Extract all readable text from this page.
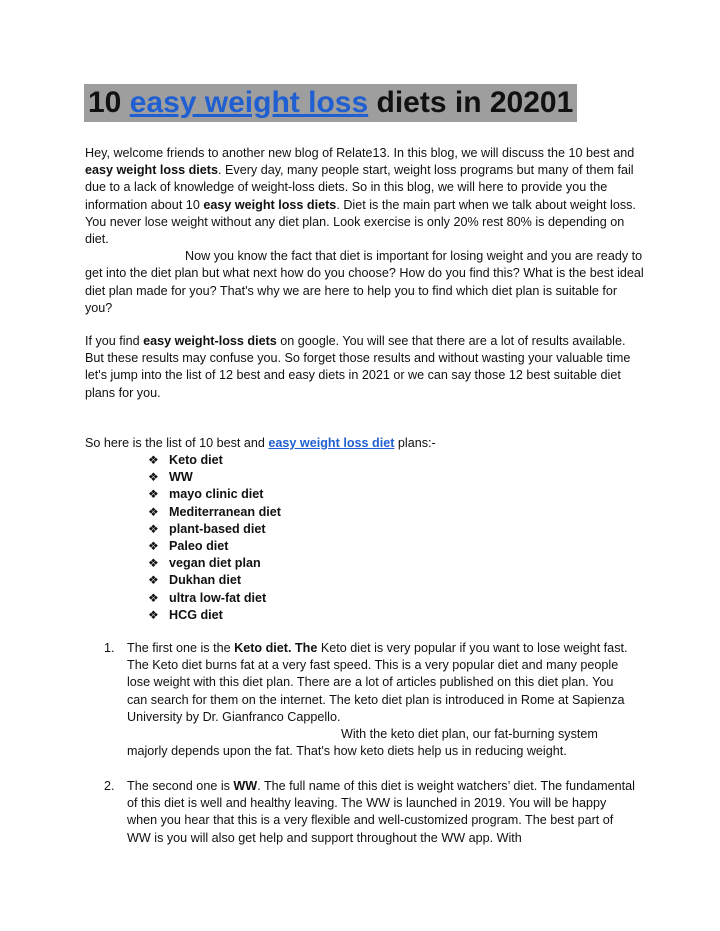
10 easy weight loss diets in 20201

Hey, welcome friends to another new blog of Relate13. In this blog, we will discuss the 10 best and easy weight loss diets. Every day, many people start, weight loss programs but many of them fail due to a lack of knowledge of weight-loss diets. So in this blog, we will here to provide you the information about 10 easy weight loss diets. Diet is the main part when we talk about weight loss. You never lose weight without any diet plan. Look exercise is only 20% rest 80% is depending on diet.
Now you know the fact that diet is important for losing weight and you are ready to get into the diet plan but what next how do you choose? How do you find this? What is the best ideal diet plan made for you? That's why we are here to help you to find which diet plan is suitable for you?

If you find easy weight-loss diets on google. You will see that there are a lot of results available. But these results may confuse you. So forget those results and without wasting your valuable time let's jump into the list of 12 best and easy diets in 2021 or we can say those 12 best suitable diet plans for you.

So here is the list of 10 best and easy weight loss diet plans:-

❖ Keto diet
❖ WW
❖ mayo clinic diet
❖ Mediterranean diet
❖ plant-based diet
❖ Paleo diet
❖ vegan diet plan
❖ Dukhan diet
❖ ultra low-fat diet
❖ HCG diet
1. The first one is the Keto diet. The Keto diet is very popular if you want to lose weight fast. The Keto diet burns fat at a very fast speed. This is a very popular diet and many people lose weight with this diet plan. There are a lot of articles published on this diet plan. You can search for them on the internet. The keto diet plan is introduced in Rome at Sapienza University by Dr. Gianfranco Cappello.
With the keto diet plan, our fat-burning system majorly depends upon the fat. That's how keto diets help us in reducing weight.

2. The second one is WW. The full name of this diet is weight watchers’ diet. The fundamental of this diet is well and healthy leaving. The WW is launched in 2019. You will be happy when you hear that this is a very flexible and well-customized program. The best part of WW is you will also get help and support throughout the WW app. With
